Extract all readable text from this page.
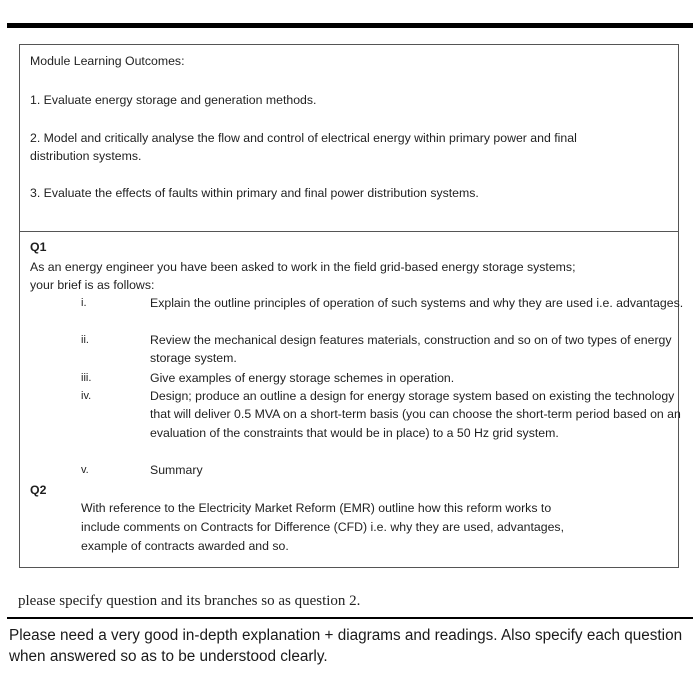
Module Learning Outcomes:
1. Evaluate energy storage and generation methods.
2. Model and critically analyse the flow and control of electrical energy within primary power and final
distribution systems.
3. Evaluate the effects of faults within primary and final power distribution systems.
Q1
As an energy engineer you have been asked to work in the field grid-based energy storage systems;
your brief is as follows:
i.	Explain the outline principles of operation of such systems and why they are used i.e. advantages.
ii.	Review the mechanical design features materials, construction and so on of two types of energy storage system.
iii.	Give examples of energy storage schemes in operation.
iv.	Design; produce an outline a design for energy storage system based on existing the technology that will deliver 0.5 MVA on a short-term basis (you can choose the short-term period based on an evaluation of the constraints that would be in place) to a 50 Hz grid system.
v.	Summary
Q2
With reference to the Electricity Market Reform (EMR) outline how this reform works to
include comments on Contracts for Difference (CFD) i.e. why they are used, advantages,
example of contracts awarded and so.
please specify question and its branches so as question 2.
Please need a very good in-depth explanation + diagrams and readings. Also specify each question when answered so as to be understood clearly.
